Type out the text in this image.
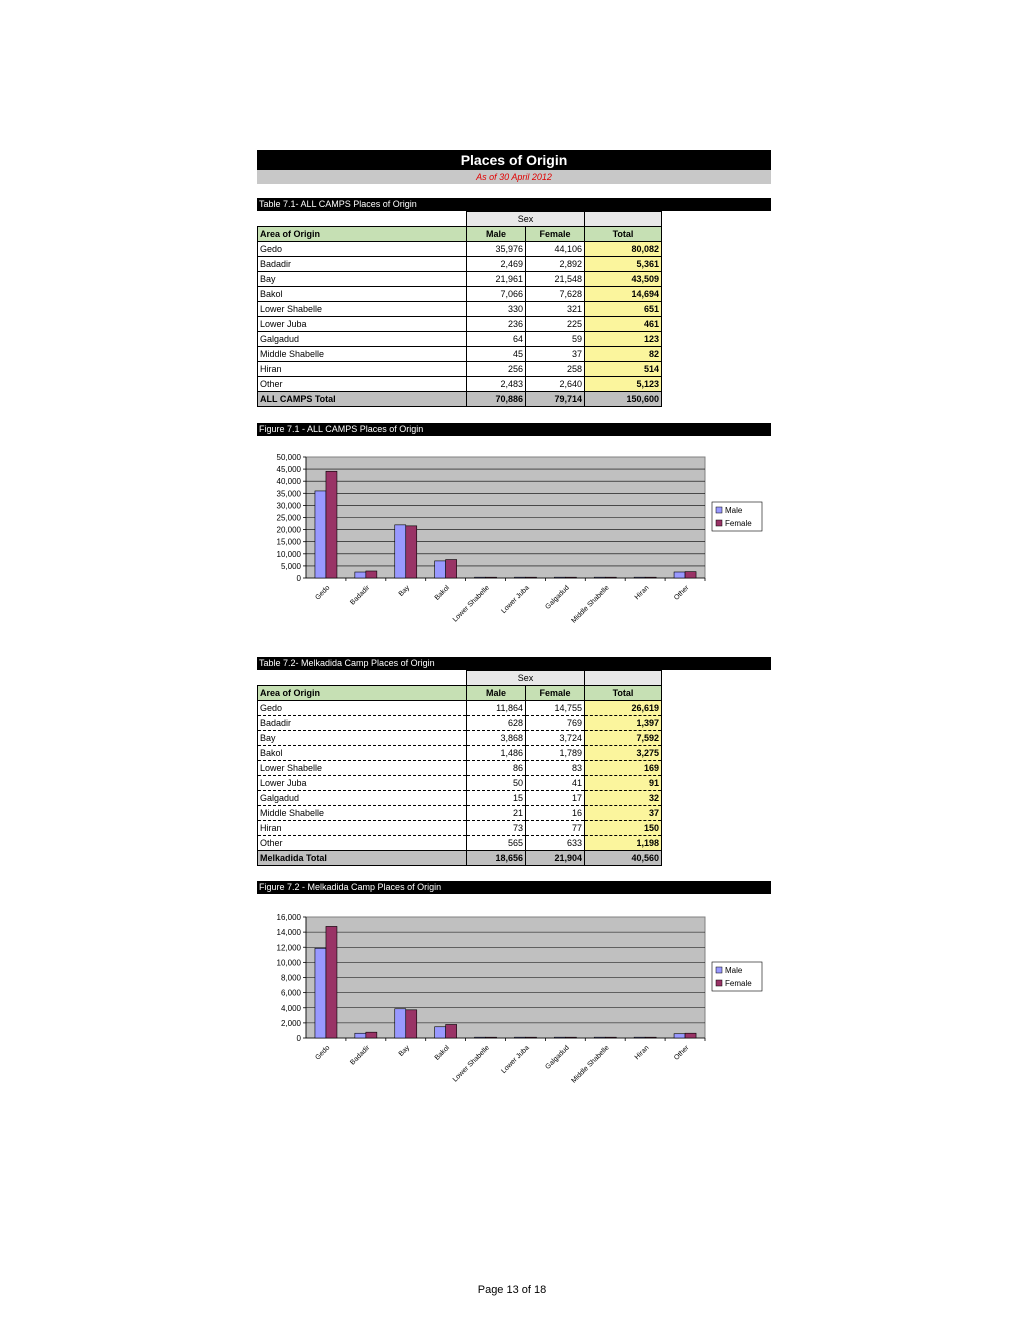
Places of Origin
As of 30 April 2012
Table 7.1- ALL CAMPS Places of Origin
	Sex		
Area of Origin	Male	Female	Total
Gedo	35,976	44,106	80,082
Badadir	2,469	2,892	5,361
Bay	21,961	21,548	43,509
Bakol	7,066	7,628	14,694
Lower Shabelle	330	321	651
Lower Juba	236	225	461
Galgadud	64	59	123
Middle Shabelle	45	37	82
Hiran	256	258	514
Other	2,483	2,640	5,123
ALL CAMPS Total	70,886	79,714	150,600
Figure 7.1 - ALL CAMPS Places of Origin
0
5,000
10,000
15,000
20,000
25,000
30,000
35,000
40,000
45,000
50,000
Gedo	Badadir	Bay	Bakol Lower Shabelle Lower Juba Galgadud Middle Shabelle	Hiran	Other
Male
Female
Table 7.2- Melkadida Camp Places of Origin
	Sex		
Area of Origin	Male	Female	Total
Gedo	11,864	14,755	26,619
Badadir	628	769	1,397
Bay	3,868	3,724	7,592
Bakol	1,486	1,789	3,275
Lower Shabelle	86	83	169
Lower Juba	50	41	91
Galgadud	15	17	32
Middle Shabelle	21	16	37
Hiran	73	77	150
Other	565	633	1,198
Melkadida Total	18,656	21,904	40,560
Figure 7.2 - Melkadida Camp Places of Origin
0
2,000
4,000
6,000
8,000
10,000
12,000
14,000
16,000
Gedo	Badadir	Bay	Bakol Lower Shabelle Lower Juba Galgadud Middle Shabelle	Hiran	Other
Male
Female
Page 13 of 18
